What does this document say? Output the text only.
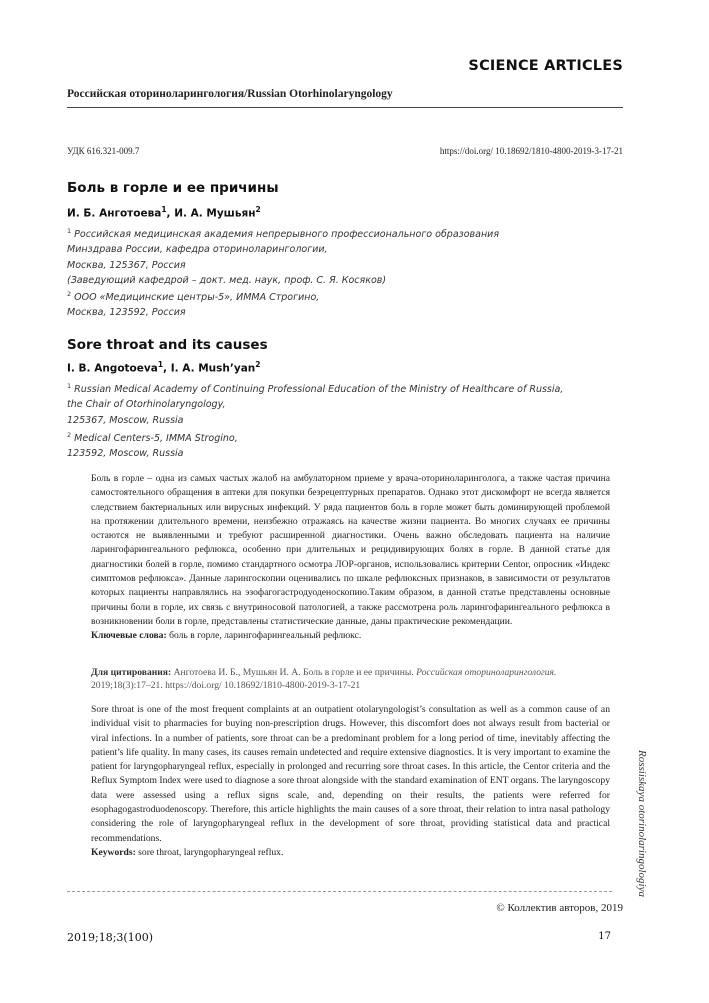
SCIENCE ARTICLES
Российская оториноларингология/Russian Otorhinolaryngology
УДК 616.321-009.7	https://doi.org/ 10.18692/1810-4800-2019-3-17-21
Боль в горле и ее причины
И. Б. Анготоева$^1$, И. А. Мушьян$^2$
$^1$ Российская медицинская академия непрерывного профессионального образования
Минздрава России, кафедра оториноларингологии,
Москва, 125367, Россия
(Заведующий кафедрой – докт. мед. наук, проф. С. Я. Косяков)
$^2$ ООО «Медицинские центры-5», ИММА Строгино,
Москва, 123592, Россия
Sore throat and its causes
I. B. Angotoeva$^1$, I. A. Mush’yan$^2$
$^1$ Russian Medical Academy of Continuing Professional Education of the Ministry of Healthcare of Russia,
the Chair of Otorhinolaryngology,
125367, Moscow, Russia
$^2$ Medical Centers-5, IMMA Strogino,
123592, Moscow, Russia
Боль в горле – одна из самых частых жалоб на амбулаторном приеме у врача-оториноларинголога, а также частая причина самостоятельного обращения в аптеки для покупки безрецептурных препаратов. Однако этот дискомфорт не всегда является следствием бактериальных или вирусных инфекций. У ряда пациентов боль в горле может быть доминирующей проблемой на протяжении длительного времени, неизбежно отражаясь на качестве жизни пациента. Во многих случаях ее причины остаются не выявленными и требуют расширенной диагностики. Очень важно обследовать пациента на наличие ларингофарингеального рефлюкса, особенно при длительных и рецидивирующих болях в горле. В данной статье для диагностики болей в горле, помимо стандартного осмотра ЛОР-органов, использовались критерии Centor, опросник «Индекс симптомов рефлюкса». Данные ларингоскопии оценивались по шкале рефлюксных признаков, в зависимости от результатов которых пациенты направлялись на эзофагогастродуоденоскопию.Таким образом, в данной статье представлены основные причины боли в горле, их связь с внутриносовой патологией, а также рассмотрена роль ларингофарингеального рефлюкса в возникновении боли в горле, представлены статистические данные, даны практические рекомендации.
Ключевые слова: боль в горле, ларингофарингеальный рефлюкс.
Для цитирования: Анготоева И. Б., Мушьян И. А. Боль в горле и ее причины. Российская оториноларингология. 2019;18(3):17–21. https://doi.org/ 10.18692/1810-4800-2019-3-17-21
Sore throat is one of the most frequent complaints at an outpatient otolaryngologist’s consultation as well as a common cause of an individual visit to pharmacies for buying non-prescription drugs. However, this discomfort does not always result from bacterial or viral infections. In a number of patients, sore throat can be a predominant problem for a long period of time, inevitably affecting the patient’s life quality. In many cases, its causes remain undetected and require extensive diagnostics. It is very important to examine the patient for laryngopharyngeal reflux, especially in prolonged and recurring sore throat cases. In this article, the Centor criteria and the Reflux Symptom Index were used to diagnose a sore throat alongside with the standard examination of ENT organs. The laryngoscopy data were assessed using a reflux signs scale, and, depending on their results, the patients were referred for esophagogastroduodenoscopy. Therefore, this article highlights the main causes of a sore throat, their relation to intra nasal pathology considering the role of laryngopharyngeal reflux in the development of sore throat, providing statistical data and practical recommendations.
Keywords: sore throat, laryngopharyngeal reflux.
© Коллектив авторов, 2019
2019;18;3(100)	17
Rossiiskaya otorinolaringologiya
